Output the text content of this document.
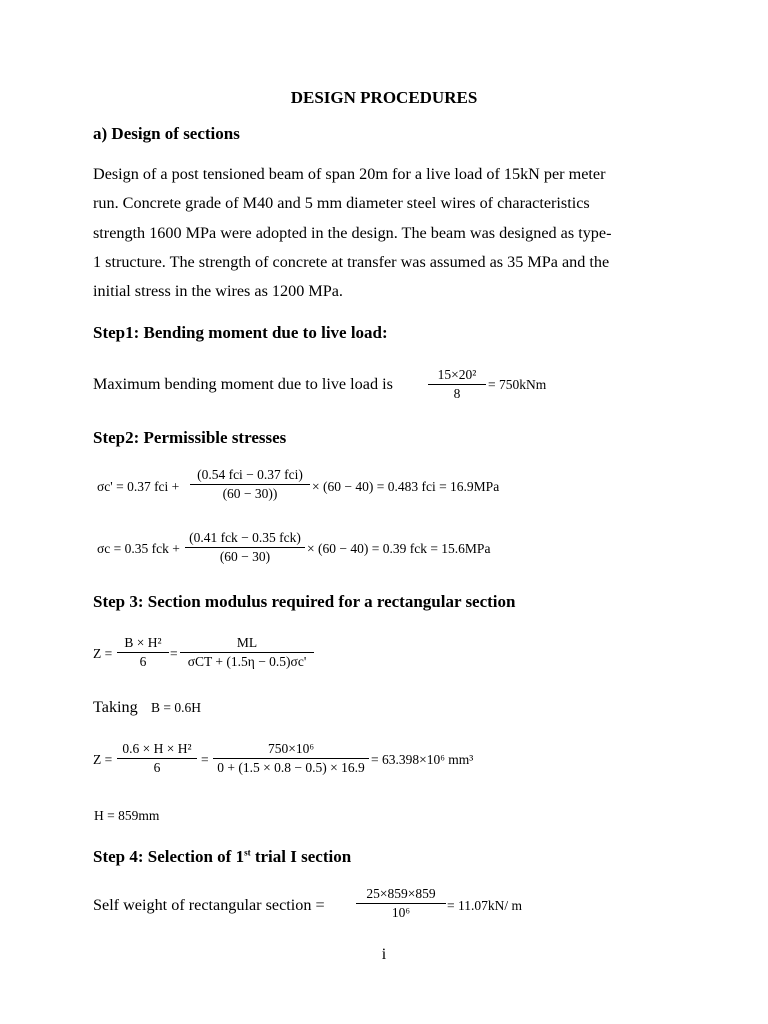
DESIGN PROCEDURES
a) Design of sections
Design of a post tensioned beam of span 20m for a live load of 15kN per meter
run. Concrete grade of M40 and 5 mm diameter steel wires of characteristics
strength 1600 MPa were adopted in the design. The beam was designed as type-
1 structure. The strength of concrete at transfer was assumed as 35 MPa and the
initial stress in the wires as 1200 MPa.
Step1: Bending moment due to live load:
Maximum bending moment due to live load is
15×20²
8
= 750kNm
Step2: Permissible stresses
σc' = 0.37 fci +
(0.54 fci − 0.37 fci)
(60 − 30))	× (60 − 40) = 0.483 fci = 16.9MPa
σc = 0.35 fck +
(0.41 fck − 0.35 fck)
(60 − 30)
× (60 − 40) = 0.39 fck = 15.6MPa
Step 3: Section modulus required for a rectangular section
Z =
B × H²
6
=
ML
σCT + (1.5η − 0.5)σc'
Taking B = 0.6H
Z =
0.6 × H × H²
6
=
750×10⁶
0 + (1.5 × 0.8 − 0.5) × 16.9
= 63.398×10⁶ mm³
H = 859mm
Step 4: Selection of 1st trial I section
Self weight of rectangular section =
25×859×859
10⁶	= 11.07kN/ m
i
